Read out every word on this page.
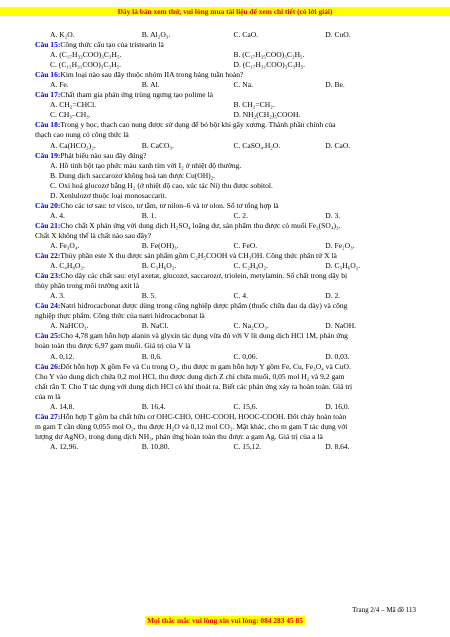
Đây là bản xem thử, vui lòng mua tài liệu để xem chi tiết (có lời giải)
A. K₂O.	B. Al₂O₃.	C. CaO.	D. CuO.
Câu 15: Công thức cấu tạo của tristearin là
A. (C₁₇H₃₃COO)₃C₃H₅.	B. (C₁₇H₃₅COO)₃C₃H₅.
C. (C₁₅H₃₁COO)₃C₃H₅.	D. (C₁₇H₃₁COO)₃C₃H₅.
Câu 16: Kim loại nào sau đây thuộc nhóm IIA trong bảng tuần hoàn?
A. Fe.	B. Al.	C. Na.	D. Be.
Câu 17: Chất tham gia phản ứng trùng ngưng tạo polime là
A. CH₂=CHCl.	B. CH₂=CH₂.
C. CH₃–CH₃.	D. NH₂(CH₂)₅COOH.
Câu 18: Trong y học, thạch cao nung được sử dụng để bó bột khi gãy xương. Thành phần chính của
thạch cao nung có công thức là
A. Ca(HCO₃)₂.	B. CaCO₃.	C. CaSO₄.H₂O.	D. CaO.
Câu 19: Phát biểu nào sau đây đúng?
A. Hồ tinh bột tạo phức màu xanh tím với I₂ ở nhiệt độ thường.
B. Dung dịch saccarozơ không hoà tan được Cu(OH)₂.
C. Oxi hoá glucozơ bằng H₂ (ở nhiệt độ cao, xúc tác Ni) thu được sobitol.
D. Xenlulozơ thuộc loại monosaccarit.
Câu 20: Cho các tơ sau: tơ visco, tơ tằm, tơ nilon–6 và tơ olon. Số tơ tổng hợp là
A. 4.	B. 1.	C. 2.	D. 3.
Câu 21: Cho chất X phản ứng với dung dịch H₂SO₄ loãng dư, sản phẩm thu được có muối Fe₂(SO₄)₃.
Chất X không thể là chất nào sau đây?
A. Fe₃O₄.	B. Fe(OH)₃.	C. FeO.	D. Fe₂O₃.
Câu 22: Thủy phân este X thu được sản phẩm gồm C₂H₅COOH và CH₃OH. Công thức phân tử X là
A. C₄H₈O₂.	B. C₃H₆O₂.	C. C₂H₄O₂.	D. C₅H₆O₂.
Câu 23: Cho dãy các chất sau: etyl axetat, glucozơ, saccarozơ, triolein, metylamin. Số chất trong dãy bị
thủy phân trong môi trường axit là
A. 3.	B. 5.	C. 4.	D. 2.
Câu 24: Natri hiđrocacbonat được dùng trong công nghiệp dược phẩm (thuốc chữa đau dạ dày) và công
nghiệp thực phẩm. Công thức của natri hiđrocacbonat là
A. NaHCO₃.	B. NaCl.	C. Na₂CO₃.	D. NaOH.
Câu 25: Cho 4,78 gam hỗn hợp alanin và glyxin tác dụng vừa đủ với V lít dung dịch HCl 1M, phản ứng
hoàn toàn thu được 6,97 gam muối. Giá trị của V là
A. 0,12.	B. 0,6.	C. 0,06.	D. 0,03.
Câu 26: Đốt hỗn hợp X gồm Fe và Cu trong O₂, thu được m gam hỗn hợp Y gồm Fe, Cu, Fe₃O₄ và CuO.
Cho Y vào dung dịch chứa 0,2 mol HCl, thu được dung dịch Z chỉ chứa muối, 0,05 mol H₂ và 9,2 gam
chất rắn T. Cho T tác dụng với dung dịch HCl có khí thoát ra. Biết các phản ứng xảy ra hoàn toàn. Giá trị
của m là
A. 14,8.	B. 16,4.	C. 15,6.	D. 16,0.
Câu 27: Hỗn hợp T gồm ba chất hữu cơ OHC-CHO, OHC-COOH, HOOC-COOH. Đốt cháy hoàn toàn
m gam T cần dùng 0,055 mol O₂, thu được H₂O và 0,12 mol CO₂. Mặt khác, cho m gam T tác dụng với
lượng dư AgNO₃ trong dung dịch NH₃, phản ứng hoàn toàn thu được a gam Ag. Giá trị của a là
A. 12,96.	B. 10,80.	C. 15,12.	D. 8,64.
Trang 2/4 – Mã đề 113
Mọi thắc mắc vui lòng xin vui lòng: 084 283 45 85
